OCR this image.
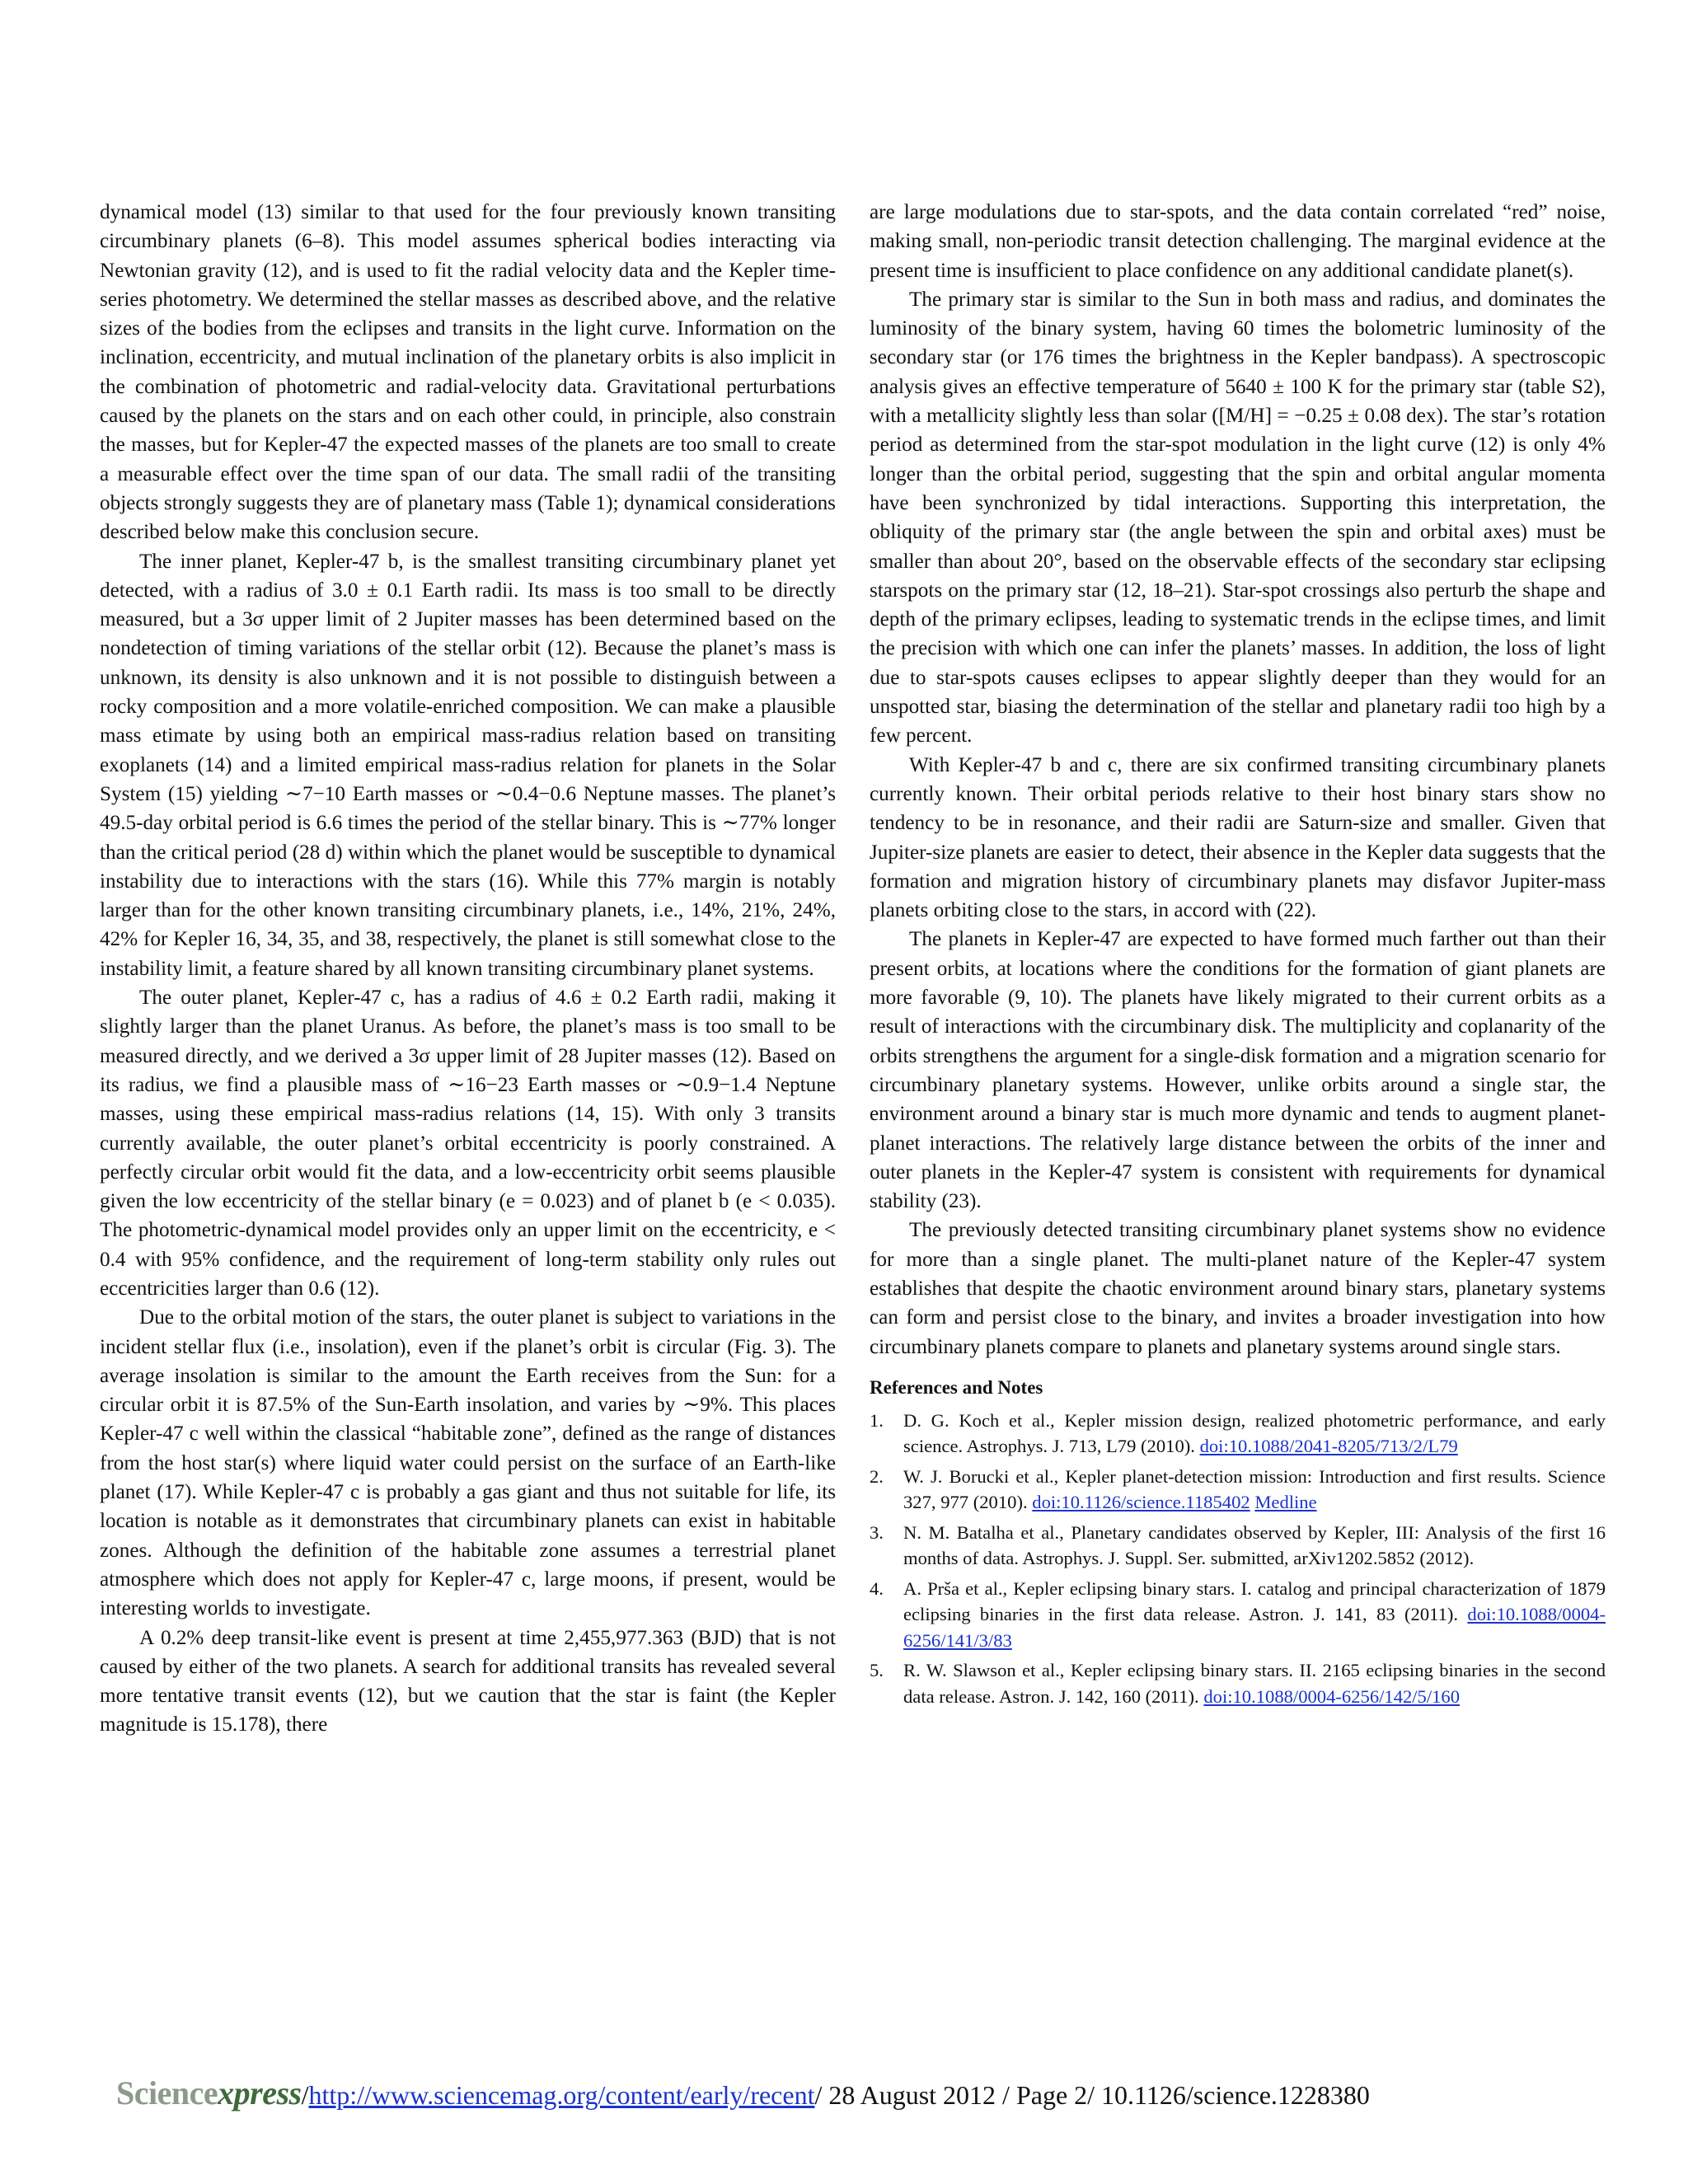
dynamical model (13) similar to that used for the four previously known transiting circumbinary planets (6–8). This model assumes spherical bodies interacting via Newtonian gravity (12), and is used to fit the radial velocity data and the Kepler time-series photometry. We determined the stellar masses as described above, and the relative sizes of the bodies from the eclipses and transits in the light curve. Information on the inclination, eccentricity, and mutual inclination of the planetary orbits is also implicit in the combination of photometric and radial-velocity data. Gravitational perturbations caused by the planets on the stars and on each other could, in principle, also constrain the masses, but for Kepler-47 the expected masses of the planets are too small to create a measurable effect over the time span of our data. The small radii of the transiting objects strongly suggests they are of planetary mass (Table 1); dynamical considerations described below make this conclusion secure.

The inner planet, Kepler-47 b, is the smallest transiting circumbinary planet yet detected, with a radius of 3.0 ± 0.1 Earth radii. Its mass is too small to be directly measured, but a 3σ upper limit of 2 Jupiter masses has been determined based on the nondetection of timing variations of the stellar orbit (12). Because the planet’s mass is unknown, its density is also unknown and it is not possible to distinguish between a rocky composition and a more volatile-enriched composition. We can make a plausible mass etimate by using both an empirical mass-radius relation based on transiting exoplanets (14) and a limited empirical mass-radius relation for planets in the Solar System (15) yielding ∼7−10 Earth masses or ∼0.4−0.6 Neptune masses. The planet’s 49.5-day orbital period is 6.6 times the period of the stellar binary. This is ∼77% longer than the critical period (28 d) within which the planet would be susceptible to dynamical instability due to interactions with the stars (16). While this 77% margin is notably larger than for the other known transiting circumbinary planets, i.e., 14%, 21%, 24%, 42% for Kepler 16, 34, 35, and 38, respectively, the planet is still somewhat close to the instability limit, a feature shared by all known transiting circumbinary planet systems.

The outer planet, Kepler-47 c, has a radius of 4.6 ± 0.2 Earth radii, making it slightly larger than the planet Uranus. As before, the planet’s mass is too small to be measured directly, and we derived a 3σ upper limit of 28 Jupiter masses (12). Based on its radius, we find a plausible mass of ∼16−23 Earth masses or ∼0.9−1.4 Neptune masses, using these empirical mass-radius relations (14, 15). With only 3 transits currently available, the outer planet’s orbital eccentricity is poorly constrained. A perfectly circular orbit would fit the data, and a low-eccentricity orbit seems plausible given the low eccentricity of the stellar binary (e = 0.023) and of planet b (e < 0.035). The photometric-dynamical model provides only an upper limit on the eccentricity, e < 0.4 with 95% confidence, and the requirement of long-term stability only rules out eccentricities larger than 0.6 (12).

Due to the orbital motion of the stars, the outer planet is subject to variations in the incident stellar flux (i.e., insolation), even if the planet’s orbit is circular (Fig. 3). The average insolation is similar to the amount the Earth receives from the Sun: for a circular orbit it is 87.5% of the Sun-Earth insolation, and varies by ∼9%. This places Kepler-47 c well within the classical “habitable zone”, defined as the range of distances from the host star(s) where liquid water could persist on the surface of an Earth-like planet (17). While Kepler-47 c is probably a gas giant and thus not suitable for life, its location is notable as it demonstrates that circumbinary planets can exist in habitable zones. Although the definition of the habitable zone assumes a terrestrial planet atmosphere which does not apply for Kepler-47 c, large moons, if present, would be interesting worlds to investigate.

A 0.2% deep transit-like event is present at time 2,455,977.363 (BJD) that is not caused by either of the two planets. A search for additional transits has revealed several more tentative transit events (12), but we caution that the star is faint (the Kepler magnitude is 15.178), there

are large modulations due to star-spots, and the data contain correlated “red” noise, making small, non-periodic transit detection challenging. The marginal evidence at the present time is insufficient to place confidence on any additional candidate planet(s).

The primary star is similar to the Sun in both mass and radius, and dominates the luminosity of the binary system, having 60 times the bolometric luminosity of the secondary star (or 176 times the brightness in the Kepler bandpass). A spectroscopic analysis gives an effective temperature of 5640 ± 100 K for the primary star (table S2), with a metallicity slightly less than solar ([M/H] = −0.25 ± 0.08 dex). The star’s rotation period as determined from the star-spot modulation in the light curve (12) is only 4% longer than the orbital period, suggesting that the spin and orbital angular momenta have been synchronized by tidal interactions. Supporting this interpretation, the obliquity of the primary star (the angle between the spin and orbital axes) must be smaller than about 20°, based on the observable effects of the secondary star eclipsing starspots on the primary star (12, 18–21). Star-spot crossings also perturb the shape and depth of the primary eclipses, leading to systematic trends in the eclipse times, and limit the precision with which one can infer the planets’ masses. In addition, the loss of light due to star-spots causes eclipses to appear slightly deeper than they would for an unspotted star, biasing the determination of the stellar and planetary radii too high by a few percent.

With Kepler-47 b and c, there are six confirmed transiting circumbinary planets currently known. Their orbital periods relative to their host binary stars show no tendency to be in resonance, and their radii are Saturn-size and smaller. Given that Jupiter-size planets are easier to detect, their absence in the Kepler data suggests that the formation and migration history of circumbinary planets may disfavor Jupiter-mass planets orbiting close to the stars, in accord with (22).

The planets in Kepler-47 are expected to have formed much farther out than their present orbits, at locations where the conditions for the formation of giant planets are more favorable (9, 10). The planets have likely migrated to their current orbits as a result of interactions with the circumbinary disk. The multiplicity and coplanarity of the orbits strengthens the argument for a single-disk formation and a migration scenario for circumbinary planetary systems. However, unlike orbits around a single star, the environment around a binary star is much more dynamic and tends to augment planet-planet interactions. The relatively large distance between the orbits of the inner and outer planets in the Kepler-47 system is consistent with requirements for dynamical stability (23).

The previously detected transiting circumbinary planet systems show no evidence for more than a single planet. The multi-planet nature of the Kepler-47 system establishes that despite the chaotic environment around binary stars, planetary systems can form and persist close to the binary, and invites a broader investigation into how circumbinary planets compare to planets and planetary systems around single stars.

References and Notes
1. D. G. Koch et al., Kepler mission design, realized photometric performance, and early science. Astrophys. J. 713, L79 (2010). doi:10.1088/2041-8205/713/2/L79
2. W. J. Borucki et al., Kepler planet-detection mission: Introduction and first results. Science 327, 977 (2010). doi:10.1126/science.1185402 Medline
3. N. M. Batalha et al., Planetary candidates observed by Kepler, III: Analysis of the first 16 months of data. Astrophys. J. Suppl. Ser. submitted, arXiv1202.5852 (2012).
4. A. Prša et al., Kepler eclipsing binary stars. I. catalog and principal characterization of 1879 eclipsing binaries in the first data release. Astron. J. 141, 83 (2011). doi:10.1088/0004-6256/141/3/83
5. R. W. Slawson et al., Kepler eclipsing binary stars. II. 2165 eclipsing binaries in the second data release. Astron. J. 142, 160 (2011). doi:10.1088/0004-6256/142/5/160
Sciencexpress / http://www.sciencemag.org/content/early/recent / 28 August 2012 / Page 2/ 10.1126/science.1228380
